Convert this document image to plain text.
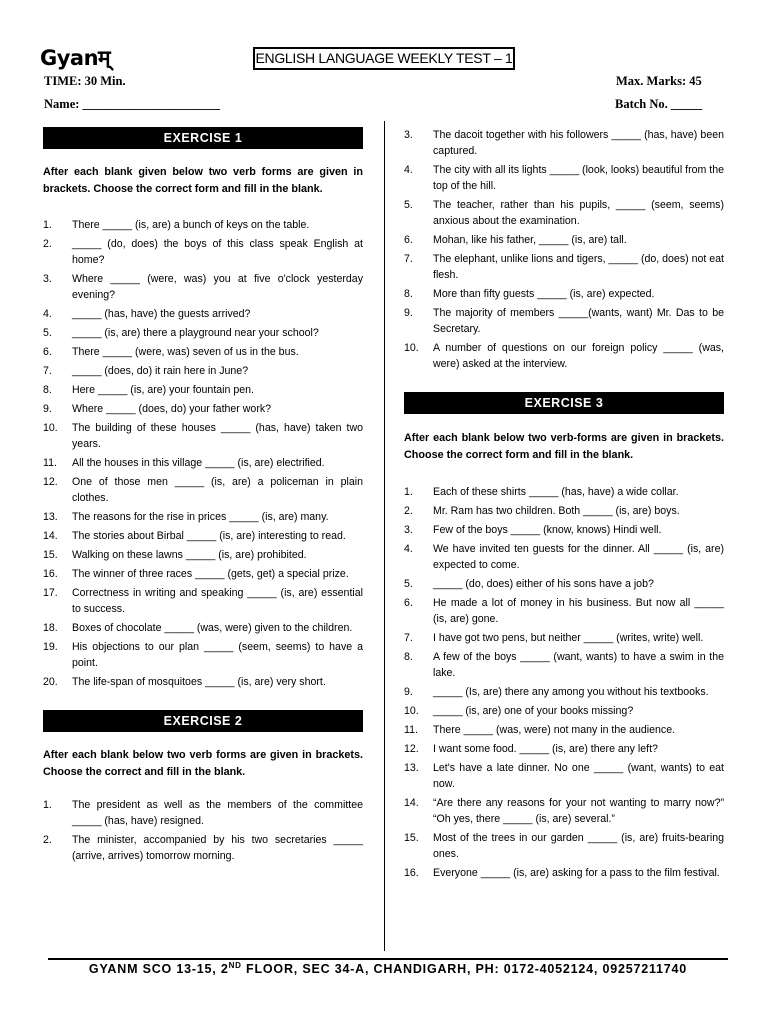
Gyanम्	ENGLISH LANGUAGE WEEKLY TEST – 1
TIME: 30 Min.	Max. Marks: 45
Name: ______________________	Batch No. _____
EXERCISE 1
After each blank given below two verb forms are given in brackets. Choose the correct form and fill in the blank.
1. There _____ (is, are) a bunch of keys on the table.
2. _____ (do, does) the boys of this class speak English at home?
3. Where _____ (were, was) you at five o'clock yesterday evening?
4. _____ (has, have) the guests arrived?
5. _____ (is, are) there a playground near your school?
6. There _____ (were, was) seven of us in the bus.
7. _____ (does, do) it rain here in June?
8. Here _____ (is, are) your fountain pen.
9. Where _____ (does, do) your father work?
10. The building of these houses _____ (has, have) taken two years.
11. All the houses in this village _____ (is, are) electrified.
12. One of those men _____ (is, are) a policeman in plain clothes.
13. The reasons for the rise in prices _____ (is, are) many.
14. The stories about Birbal _____ (is, are) interesting to read.
15. Walking on these lawns _____ (is, are) prohibited.
16. The winner of three races _____ (gets, get) a special prize.
17. Correctness in writing and speaking _____ (is, are) essential to success.
18. Boxes of chocolate _____ (was, were) given to the children.
19. His objections to our plan _____ (seem, seems) to have a point.
20. The life-span of mosquitoes _____ (is, are) very short.
EXERCISE 2
After each blank below two verb forms are given in brackets. Choose the correct and fill in the blank.
1. The president as well as the members of the committee _____ (has, have) resigned.
2. The minister, accompanied by his two secretaries _____ (arrive, arrives) tomorrow morning.
3. The dacoit together with his followers _____ (has, have) been captured.
4. The city with all its lights _____ (look, looks) beautiful from the top of the hill.
5. The teacher, rather than his pupils, _____ (seem, seems) anxious about the examination.
6. Mohan, like his father, _____ (is, are) tall.
7. The elephant, unlike lions and tigers, _____ (do, does) not eat flesh.
8. More than fifty guests _____ (is, are) expected.
9. The majority of members _____(wants, want) Mr. Das to be Secretary.
10. A number of questions on our foreign policy _____ (was, were) asked at the interview.
EXERCISE 3
After each blank below two verb-forms are given in brackets. Choose the correct form and fill in the blank.
1. Each of these shirts _____ (has, have) a wide collar.
2. Mr. Ram has two children. Both _____ (is, are) boys.
3. Few of the boys _____ (know, knows) Hindi well.
4. We have invited ten guests for the dinner. All _____ (is, are) expected to come.
5. _____ (do, does) either of his sons have a job?
6. He made a lot of money in his business. But now all _____ (is, are) gone.
7. I have got two pens, but neither _____ (writes, write) well.
8. A few of the boys _____ (want, wants) to have a swim in the lake.
9. _____ (Is, are) there any among you without his textbooks.
10. _____ (is, are) one of your books missing?
11. There _____ (was, were) not many in the audience.
12. I want some food. _____ (is, are) there any left?
13. Let's have a late dinner. No one _____ (want, wants) to eat now.
14. “Are there any reasons for your not wanting to marry now?” “Oh yes, there _____ (is, are) several.”
15. Most of the trees in our garden _____ (is, are) fruits-bearing ones.
16. Everyone _____ (is, are) asking for a pass to the film festival.
GYANM SCO 13-15, 2ND FLOOR, SEC 34-A, CHANDIGARH, PH: 0172-4052124, 09257211740
